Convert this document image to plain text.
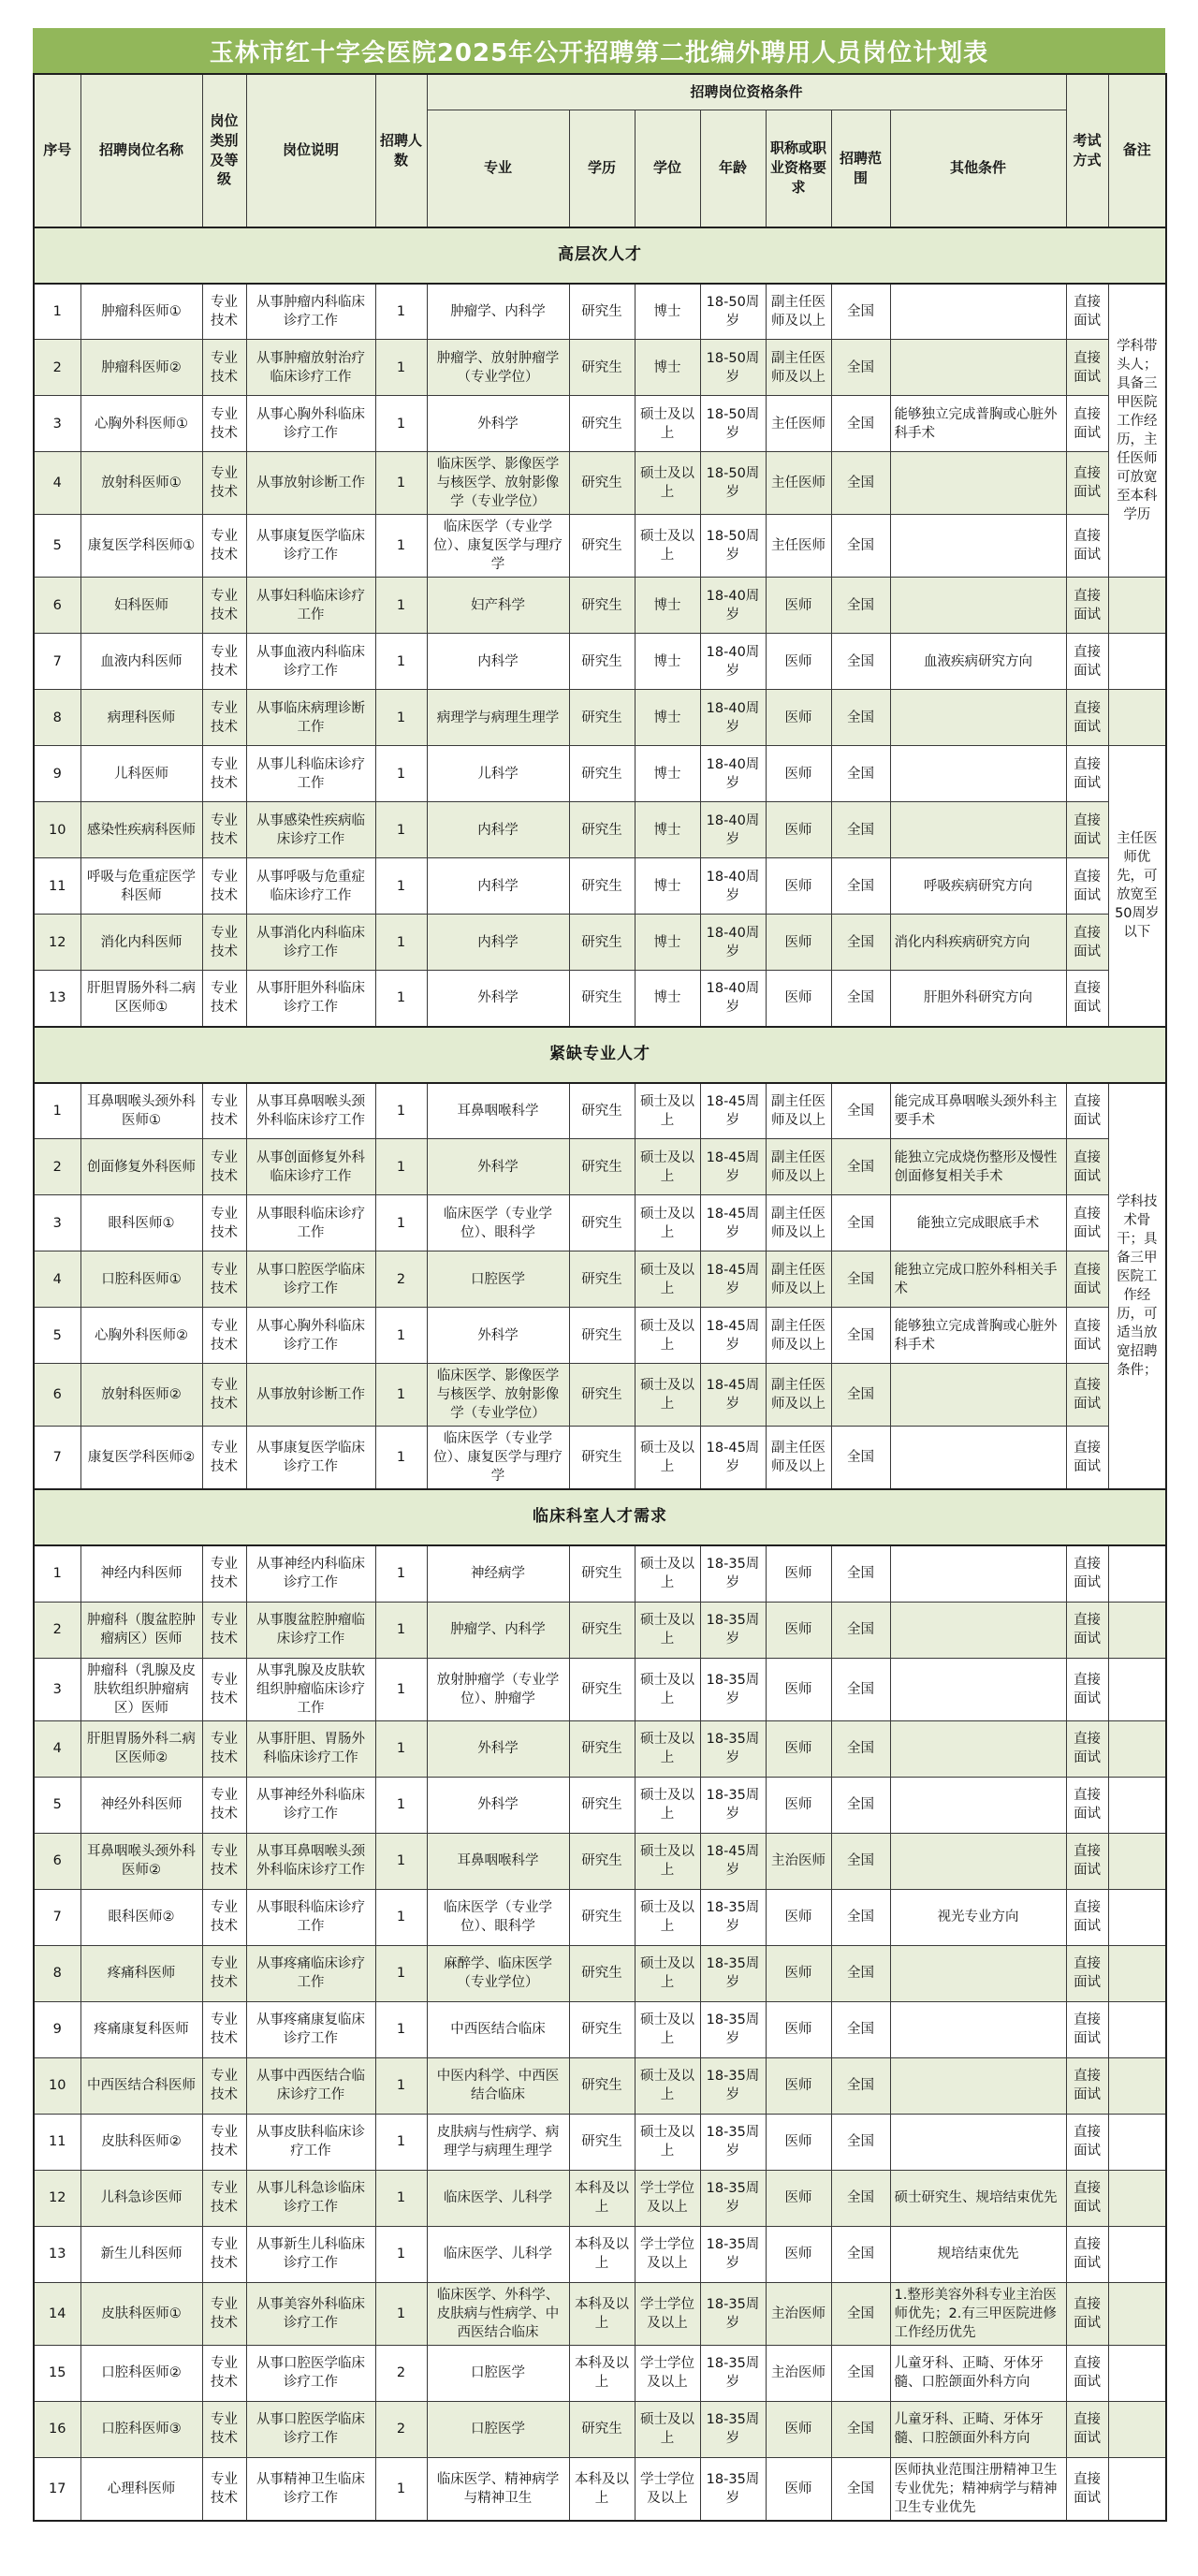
玉林市红十字会医院2025年公开招聘第二批编外聘用人员岗位计划表
序号	招聘岗位名称	岗位类别及等级	岗位说明	招聘人数	招聘岗位资格条件							考试方式	备注
					专业	学历	学位	年龄	职称或职业资格要求	招聘范围	其他条件		
高层次人才													
1	肿瘤科医师①	专业技术	从事肿瘤内科临床诊疗工作	1	肿瘤学、内科学	研究生	博士	18-50周岁	副主任医师及以上	全国		直接面试	学科带头人；具备三甲医院工作经历，主任医师可放宽至本科学历
2	肿瘤科医师②	专业技术	从事肿瘤放射治疗临床诊疗工作	1	肿瘤学、放射肿瘤学（专业学位）	研究生	博士	18-50周岁	副主任医师及以上	全国		直接面试	
3	心胸外科医师①	专业技术	从事心胸外科临床诊疗工作	1	外科学	研究生	硕士及以上	18-50周岁	主任医师	全国	能够独立完成普胸或心脏外科手术	直接面试	
4	放射科医师①	专业技术	从事放射诊断工作	1	临床医学、影像医学与核医学、放射影像学（专业学位）	研究生	硕士及以上	18-50周岁	主任医师	全国		直接面试	
5	康复医学科医师①	专业技术	从事康复医学临床诊疗工作	1	临床医学（专业学位）、康复医学与理疗学	研究生	硕士及以上	18-50周岁	主任医师	全国		直接面试	
6	妇科医师	专业技术	从事妇科临床诊疗工作	1	妇产科学	研究生	博士	18-40周岁	医师	全国		直接面试	
7	血液内科医师	专业技术	从事血液内科临床诊疗工作	1	内科学	研究生	博士	18-40周岁	医师	全国	血液疾病研究方向	直接面试	
8	病理科医师	专业技术	从事临床病理诊断工作	1	病理学与病理生理学	研究生	博士	18-40周岁	医师	全国		直接面试	
9	儿科医师	专业技术	从事儿科临床诊疗工作	1	儿科学	研究生	博士	18-40周岁	医师	全国		直接面试	主任医师优先，可放宽至50周岁以下
10	感染性疾病科医师	专业技术	从事感染性疾病临床诊疗工作	1	内科学	研究生	博士	18-40周岁	医师	全国		直接面试	
11	呼吸与危重症医学科医师	专业技术	从事呼吸与危重症临床诊疗工作	1	内科学	研究生	博士	18-40周岁	医师	全国	呼吸疾病研究方向	直接面试	
12	消化内科医师	专业技术	从事消化内科临床诊疗工作	1	内科学	研究生	博士	18-40周岁	医师	全国	消化内科疾病研究方向	直接面试	
13	肝胆胃肠外科二病区医师①	专业技术	从事肝胆外科临床诊疗工作	1	外科学	研究生	博士	18-40周岁	医师	全国	肝胆外科研究方向	直接面试	
紧缺专业人才													
1	耳鼻咽喉头颈外科医师①	专业技术	从事耳鼻咽喉头颈外科临床诊疗工作	1	耳鼻咽喉科学	研究生	硕士及以上	18-45周岁	副主任医师及以上	全国	能完成耳鼻咽喉头颈外科主要手术	直接面试	学科技术骨干；具备三甲医院工作经历，可适当放宽招聘条件；
2	创面修复外科医师	专业技术	从事创面修复外科临床诊疗工作	1	外科学	研究生	硕士及以上	18-45周岁	副主任医师及以上	全国	能独立完成烧伤整形及慢性创面修复相关手术	直接面试	
3	眼科医师①	专业技术	从事眼科临床诊疗工作	1	临床医学（专业学位）、眼科学	研究生	硕士及以上	18-45周岁	副主任医师及以上	全国	能独立完成眼底手术	直接面试	
4	口腔科医师①	专业技术	从事口腔医学临床诊疗工作	2	口腔医学	研究生	硕士及以上	18-45周岁	副主任医师及以上	全国	能独立完成口腔外科相关手术	直接面试	
5	心胸外科医师②	专业技术	从事心胸外科临床诊疗工作	1	外科学	研究生	硕士及以上	18-45周岁	副主任医师及以上	全国	能够独立完成普胸或心脏外科手术	直接面试	
6	放射科医师②	专业技术	从事放射诊断工作	1	临床医学、影像医学与核医学、放射影像学（专业学位）	研究生	硕士及以上	18-45周岁	副主任医师及以上	全国		直接面试	
7	康复医学科医师②	专业技术	从事康复医学临床诊疗工作	1	临床医学（专业学位）、康复医学与理疗学	研究生	硕士及以上	18-45周岁	副主任医师及以上	全国		直接面试	
临床科室人才需求													
1	神经内科医师	专业技术	从事神经内科临床诊疗工作	1	神经病学	研究生	硕士及以上	18-35周岁	医师	全国		直接面试	
2	肿瘤科（腹盆腔肿瘤病区）医师	专业技术	从事腹盆腔肿瘤临床诊疗工作	1	肿瘤学、内科学	研究生	硕士及以上	18-35周岁	医师	全国		直接面试	
3	肿瘤科（乳腺及皮肤软组织肿瘤病区）医师	专业技术	从事乳腺及皮肤软组织肿瘤临床诊疗工作	1	放射肿瘤学（专业学位）、肿瘤学	研究生	硕士及以上	18-35周岁	医师	全国		直接面试	
4	肝胆胃肠外科二病区医师②	专业技术	从事肝胆、胃肠外科临床诊疗工作	1	外科学	研究生	硕士及以上	18-35周岁	医师	全国		直接面试	
5	神经外科医师	专业技术	从事神经外科临床诊疗工作	1	外科学	研究生	硕士及以上	18-35周岁	医师	全国		直接面试	
6	耳鼻咽喉头颈外科医师②	专业技术	从事耳鼻咽喉头颈外科临床诊疗工作	1	耳鼻咽喉科学	研究生	硕士及以上	18-45周岁	主治医师	全国		直接面试	
7	眼科医师②	专业技术	从事眼科临床诊疗工作	1	临床医学（专业学位）、眼科学	研究生	硕士及以上	18-35周岁	医师	全国	视光专业方向	直接面试	
8	疼痛科医师	专业技术	从事疼痛临床诊疗工作	1	麻醉学、临床医学（专业学位）	研究生	硕士及以上	18-35周岁	医师	全国		直接面试	
9	疼痛康复科医师	专业技术	从事疼痛康复临床诊疗工作	1	中西医结合临床	研究生	硕士及以上	18-35周岁	医师	全国		直接面试	
10	中西医结合科医师	专业技术	从事中西医结合临床诊疗工作	1	中医内科学、中西医结合临床	研究生	硕士及以上	18-35周岁	医师	全国		直接面试	
11	皮肤科医师②	专业技术	从事皮肤科临床诊疗工作	1	皮肤病与性病学、病理学与病理生理学	研究生	硕士及以上	18-35周岁	医师	全国		直接面试	
12	儿科急诊医师	专业技术	从事儿科急诊临床诊疗工作	1	临床医学、儿科学	本科及以上	学士学位及以上	18-35周岁	医师	全国	硕士研究生、规培结束优先	直接面试	
13	新生儿科医师	专业技术	从事新生儿科临床诊疗工作	1	临床医学、儿科学	本科及以上	学士学位及以上	18-35周岁	医师	全国	规培结束优先	直接面试	
14	皮肤科医师①	专业技术	从事美容外科临床诊疗工作	1	临床医学、外科学、皮肤病与性病学、中西医结合临床	本科及以上	学士学位及以上	18-35周岁	主治医师	全国	1.整形美容外科专业主治医师优先；2.有三甲医院进修工作经历优先	直接面试	
15	口腔科医师②	专业技术	从事口腔医学临床诊疗工作	2	口腔医学	本科及以上	学士学位及以上	18-35周岁	主治医师	全国	儿童牙科、正畸、牙体牙髓、口腔颌面外科方向	直接面试	
16	口腔科医师③	专业技术	从事口腔医学临床诊疗工作	2	口腔医学	研究生	硕士及以上	18-35周岁	医师	全国	儿童牙科、正畸、牙体牙髓、口腔颌面外科方向	直接面试	
17	心理科医师	专业技术	从事精神卫生临床诊疗工作	1	临床医学、精神病学与精神卫生	本科及以上	学士学位及以上	18-35周岁	医师	全国	医师执业范围注册精神卫生专业优先；精神病学与精神卫生专业优先	直接面试	
